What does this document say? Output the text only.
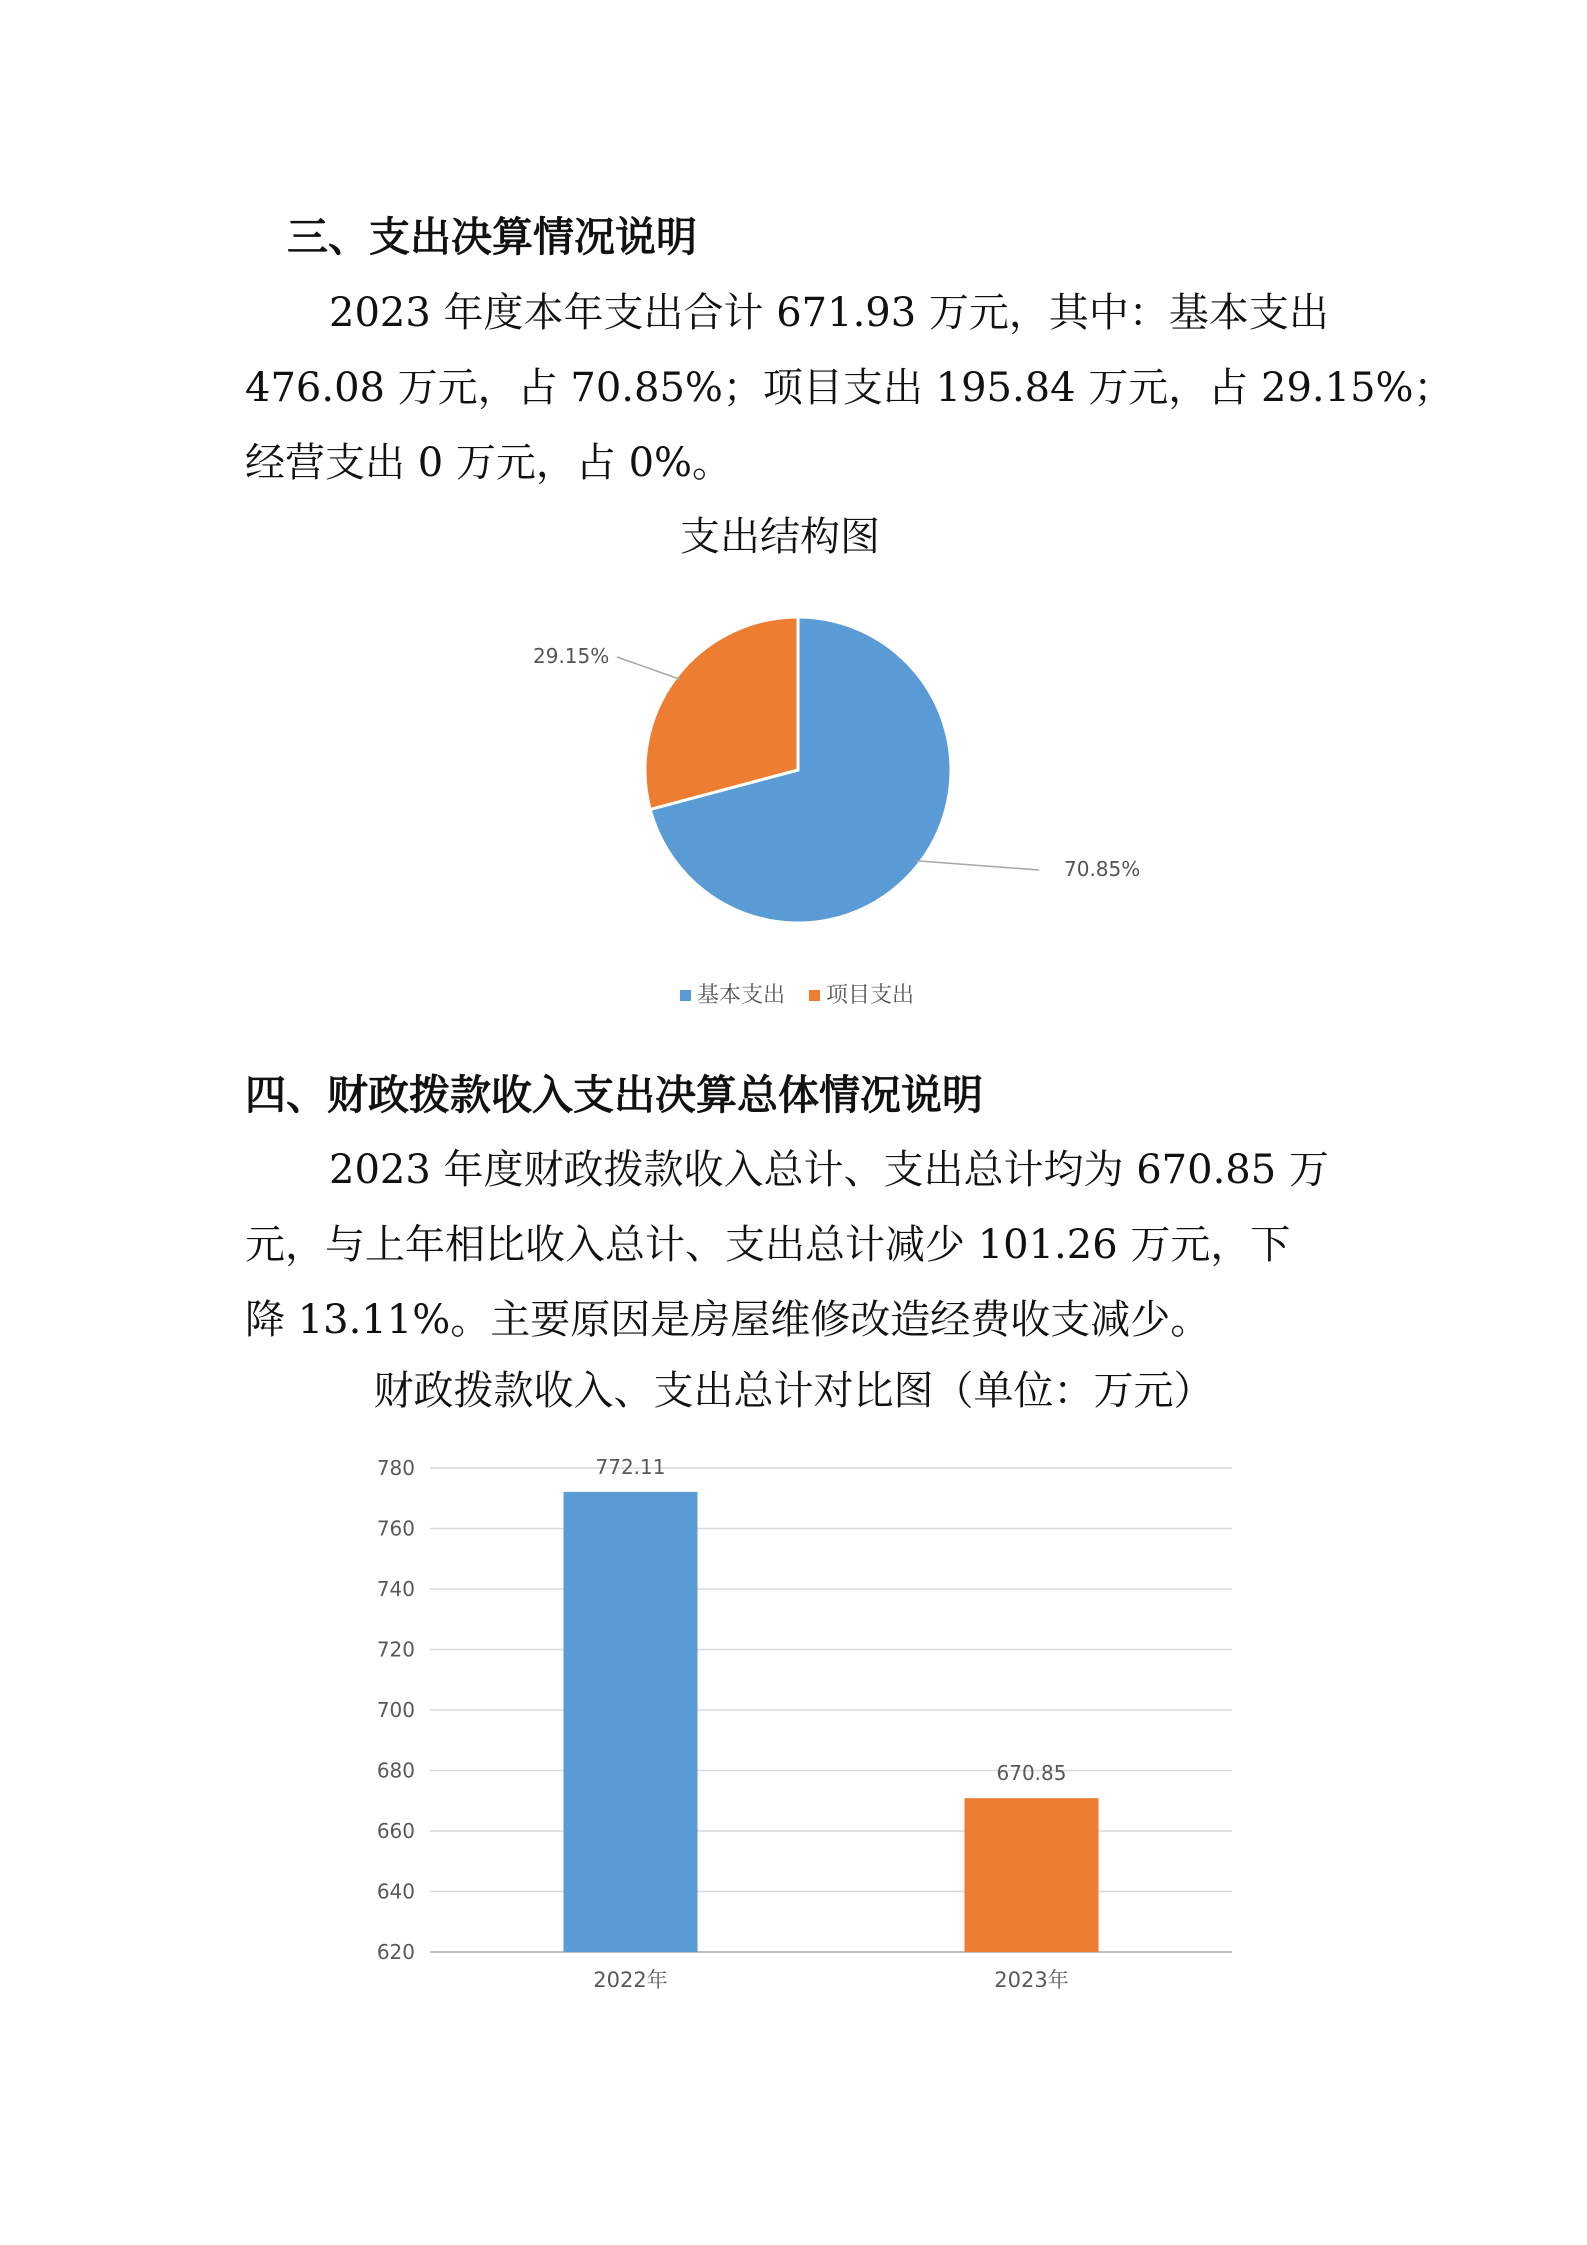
三、支出决算情况说明
2023 年度本年支出合计 671.93 万元，其中：基本支出
476.08 万元，占 70.85%；项目支出 195.84 万元，占 29.15%；
经营支出 0 万元，占 0%。
支出结构图
70.85%
29.15%
基本支出 项目支出
四、财政拨款收入支出决算总体情况说明
2023 年度财政拨款收入总计、支出总计均为 670.85 万
元，与上年相比收入总计、支出总计减少 101.26 万元，下
降 13.11%。主要原因是房屋维修改造经费收支减少。
财政拨款收入、支出总计对比图（单位：万元）
620
640
660
680
700
720
740
760
780	772.11
670.85
2022年	2023年
